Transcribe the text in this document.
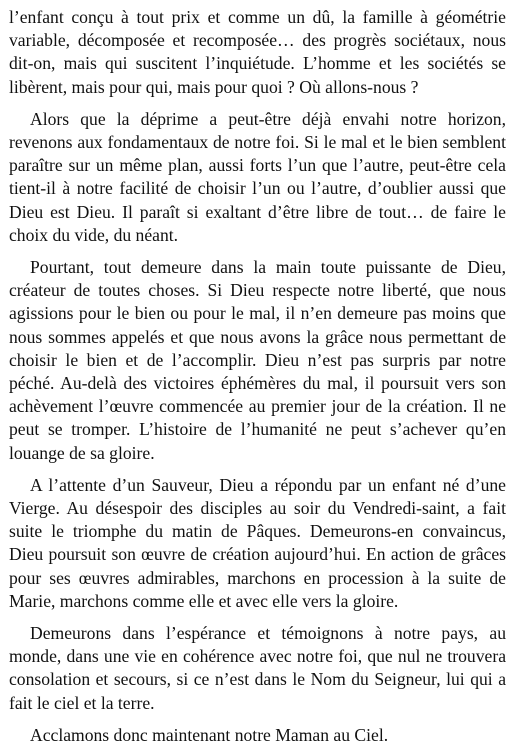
l’enfant conçu à tout prix et comme un dû, la famille à géométrie variable, décomposée et recomposée… des progrès sociétaux, nous dit-on, mais qui suscitent l’inquiétude. L’homme et les sociétés se libèrent, mais pour qui, mais pour quoi ? Où allons-nous ?

Alors que la déprime a peut-être déjà envahi notre horizon, revenons aux fondamentaux de notre foi. Si le mal et le bien semblent paraître sur un même plan, aussi forts l’un que l’autre, peut-être cela tient-il à notre facilité de choisir l’un ou l’autre, d’oublier aussi que Dieu est Dieu. Il paraît si exaltant d’être libre de tout… de faire le choix du vide, du néant.

Pourtant, tout demeure dans la main toute puissante de Dieu, créateur de toutes choses. Si Dieu respecte notre liberté, que nous agissions pour le bien ou pour le mal, il n’en demeure pas moins que nous sommes appelés et que nous avons la grâce nous permettant de choisir le bien et de l’accomplir. Dieu n’est pas surpris par notre péché. Au-delà des victoires éphémères du mal, il poursuit vers son achèvement l’œuvre commencée au premier jour de la création. Il ne peut se tromper. L’histoire de l’humanité ne peut s’achever qu’en louange de sa gloire.

A l’attente d’un Sauveur, Dieu a répondu par un enfant né d’une Vierge. Au désespoir des disciples au soir du Vendredi-saint, a fait suite le triomphe du matin de Pâques. Demeurons-en convaincus, Dieu poursuit son œuvre de création aujourd’hui. En action de grâces pour ses œuvres admirables, marchons en procession à la suite de Marie, marchons comme elle et avec elle vers la gloire.

Demeurons dans l’espérance et témoignons à notre pays, au monde, dans une vie en cohérence avec notre foi, que nul ne trouvera consolation et secours, si ce n’est dans le Nom du Seigneur, lui qui a fait le ciel et la terre.

Acclamons donc maintenant notre Maman au Ciel.
